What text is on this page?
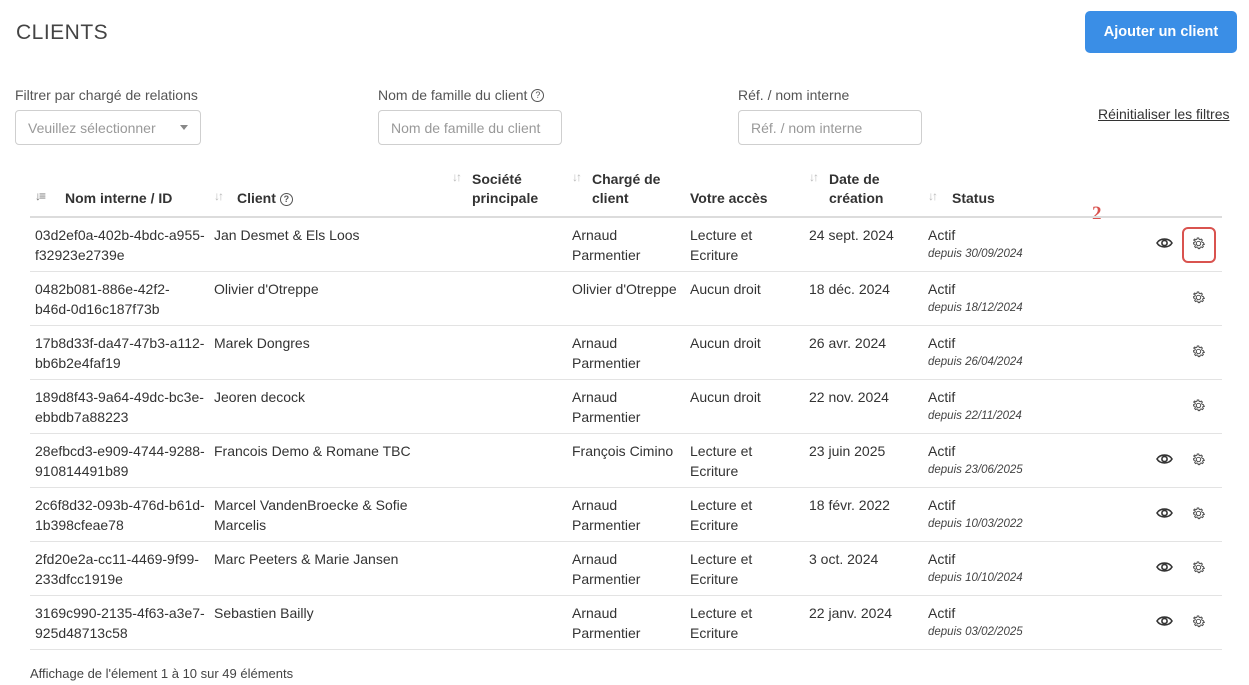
CLIENTS	Ajouter un client
Filtrer par chargé de relations
Veuillez sélectionner
Nom de famille du client ?
Nom de famille du client
Réf. / nom interne
Réf. / nom interne
Réinitialiser les filtres
2
↓≡ Nom interne / ID	↓↑ Client ?	↓↑ Société principale	↓↑ Chargé de client	Votre accès	↓↑ Date de création	↓↑ Status	

03d2ef0a-402b-4bdc-a955-f32923e2739e	Jan Desmet & Els Loos		Arnaud Parmentier	Lecture et Ecriture	24 sept. 2024	Actif
depuis 30/09/2024

0482b081-886e-42f2-b46d-0d16c187f73b	Olivier d'Otreppe		Olivier d'Otreppe	Aucun droit	18 déc. 2024	Actif
depuis 18/12/2024

17b8d33f-da47-47b3-a112-bb6b2e4faf19	Marek Dongres		Arnaud Parmentier	Aucun droit	26 avr. 2024	Actif
depuis 26/04/2024

189d8f43-9a64-49dc-bc3e-ebbdb7a88223	Jeoren decock		Arnaud Parmentier	Aucun droit	22 nov. 2024	Actif
depuis 22/11/2024

28efbcd3-e909-4744-9288-910814491b89	Francois Demo & Romane TBC		François Cimino	Lecture et Ecriture	23 juin 2025	Actif
depuis 23/06/2025

2c6f8d32-093b-476d-b61d-1b398cfeae78	Marcel VandenBroecke & Sofie Marcelis		Arnaud Parmentier	Lecture et Ecriture	18 févr. 2022	Actif
depuis 10/03/2022

2fd20e2a-cc11-4469-9f99-233dfcc1919e	Marc Peeters & Marie Jansen		Arnaud Parmentier	Lecture et Ecriture	3 oct. 2024	Actif
depuis 10/10/2024

3169c990-2135-4f63-a3e7-925d48713c58	Sebastien Bailly		Arnaud Parmentier	Lecture et Ecriture	22 janv. 2024	Actif
depuis 03/02/2025

Affichage de l'élement 1 à 10 sur 49 éléments
